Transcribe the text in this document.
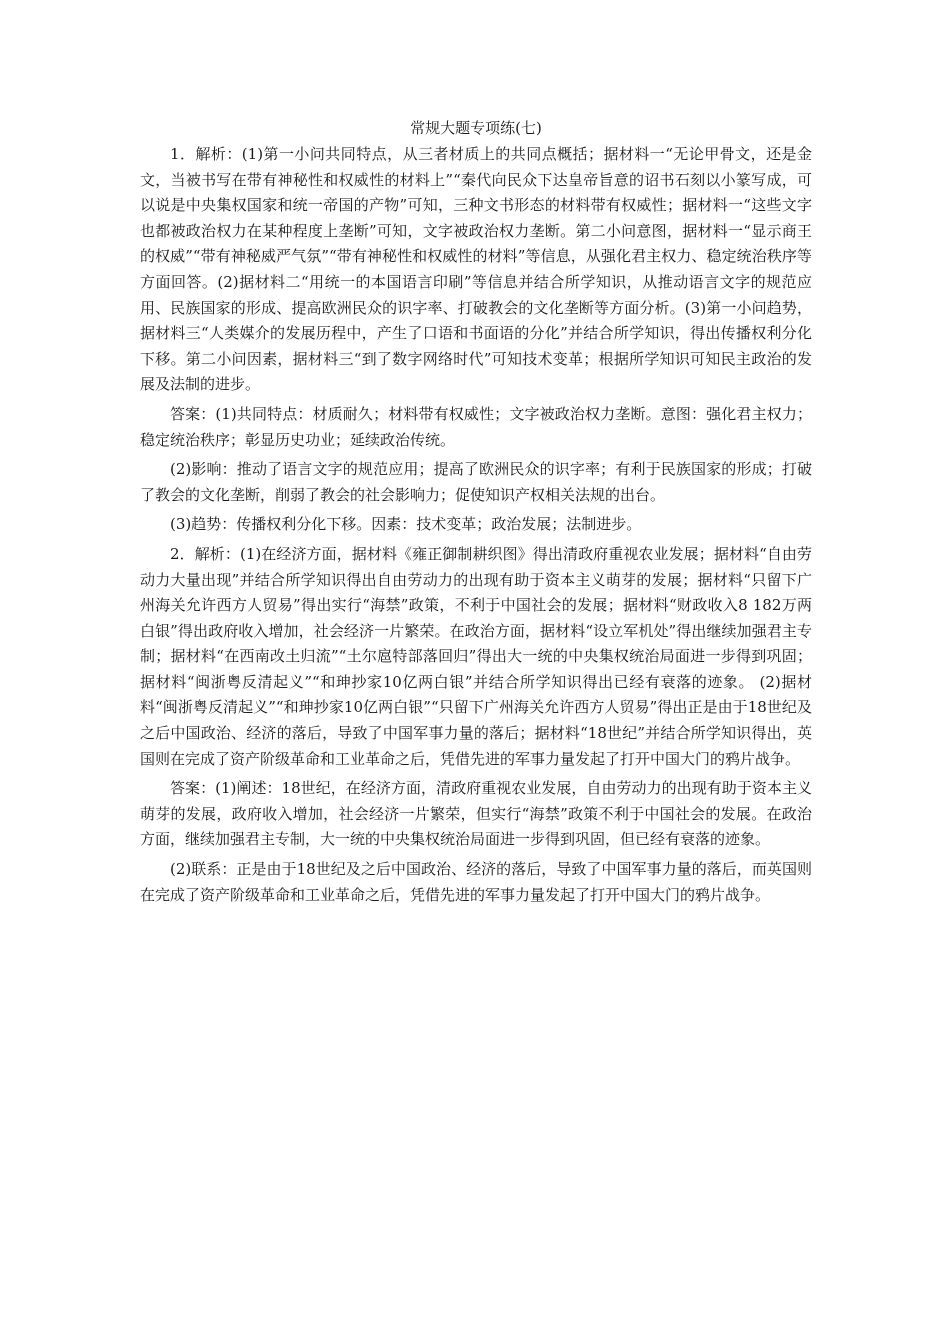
常规大题专项练(七)

1．解析：(1)第一小问共同特点，从三者材质上的共同点概括；据材料一“无论甲骨文，还是金文，当被书写在带有神秘性和权威性的材料上”“秦代向民众下达皇帝旨意的诏书石刻以小篆写成，可以说是中央集权国家和统一帝国的产物”可知，三种文书形态的材料带有权威性；据材料一“这些文字也都被政治权力在某种程度上垄断”可知，文字被政治权力垄断。第二小问意图，据材料一“显示商王的权威”“带有神秘威严气氛”“带有神秘性和权威性的材料”等信息，从强化君主权力、稳定统治秩序等方面回答。(2)据材料二“用统一的本国语言印刷”等信息并结合所学知识，从推动语言文字的规范应用、民族国家的形成、提高欧洲民众的识字率、打破教会的文化垄断等方面分析。(3)第一小问趋势，据材料三“人类媒介的发展历程中，产生了口语和书面语的分化”并结合所学知识，得出传播权利分化下移。第二小问因素，据材料三“到了数字网络时代”可知技术变革；根据所学知识可知民主政治的发展及法制的进步。

答案：(1)共同特点：材质耐久；材料带有权威性；文字被政治权力垄断。意图：强化君主权力；稳定统治秩序；彰显历史功业；延续政治传统。

(2)影响：推动了语言文字的规范应用；提高了欧洲民众的识字率；有利于民族国家的形成；打破了教会的文化垄断，削弱了教会的社会影响力；促使知识产权相关法规的出台。

(3)趋势：传播权利分化下移。因素：技术变革；政治发展；法制进步。

2．解析：(1)在经济方面，据材料《雍正御制耕织图》得出清政府重视农业发展；据材料“自由劳动力大量出现”并结合所学知识得出自由劳动力的出现有助于资本主义萌芽的发展；据材料“只留下广州海关允许西方人贸易”得出实行“海禁”政策，不利于中国社会的发展；据材料“财政收入8 182万两白银”得出政府收入增加，社会经济一片繁荣。在政治方面，据材料“设立军机处”得出继续加强君主专制；据材料“在西南改土归流”“土尔扈特部落回归”得出大一统的中央集权统治局面进一步得到巩固；据材料“闽浙粤反清起义”“和珅抄家10亿两白银”并结合所学知识得出已经有衰落的迹象。 (2)据材料“闽浙粤反清起义”“和珅抄家10亿两白银”“只留下广州海关允许西方人贸易”得出正是由于18世纪及之后中国政治、经济的落后，导致了中国军事力量的落后；据材料“18世纪”并结合所学知识得出，英国则在完成了资产阶级革命和工业革命之后，凭借先进的军事力量发起了打开中国大门的鸦片战争。

答案：(1)阐述：18世纪，在经济方面，清政府重视农业发展，自由劳动力的出现有助于资本主义萌芽的发展，政府收入增加，社会经济一片繁荣，但实行“海禁”政策不利于中国社会的发展。在政治方面，继续加强君主专制，大一统的中央集权统治局面进一步得到巩固，但已经有衰落的迹象。

(2)联系：正是由于18世纪及之后中国政治、经济的落后，导致了中国军事力量的落后，而英国则在完成了资产阶级革命和工业革命之后，凭借先进的军事力量发起了打开中国大门的鸦片战争。
